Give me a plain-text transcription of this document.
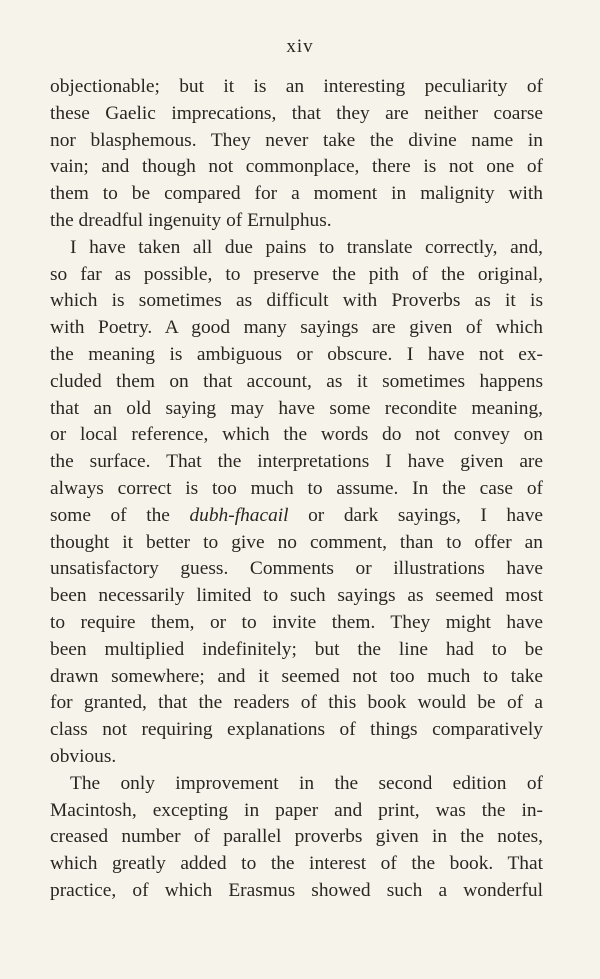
xiv
objectionable; but it is an interesting peculiarity of
these Gaelic imprecations, that they are neither coarse
nor blasphemous. They never take the divine name in
vain; and though not commonplace, there is not one of
them to be compared for a moment in malignity with
the dreadful ingenuity of Ernulphus.
I have taken all due pains to translate correctly, and,
so far as possible, to preserve the pith of the original,
which is sometimes as difficult with Proverbs as it is
with Poetry. A good many sayings are given of which
the meaning is ambiguous or obscure. I have not ex-
cluded them on that account, as it sometimes happens
that an old saying may have some recondite meaning,
or local reference, which the words do not convey on
the surface. That the interpretations I have given are
always correct is too much to assume. In the case of
some of the dubh-fhacail or dark sayings, I have
thought it better to give no comment, than to offer an
unsatisfactory guess. Comments or illustrations have
been necessarily limited to such sayings as seemed most
to require them, or to invite them. They might have
been multiplied indefinitely; but the line had to be
drawn somewhere; and it seemed not too much to take
for granted, that the readers of this book would be of a
class not requiring explanations of things comparatively
obvious.
The only improvement in the second edition of
Macintosh, excepting in paper and print, was the in-
creased number of parallel proverbs given in the notes,
which greatly added to the interest of the book. That
practice, of which Erasmus showed such a wonderful
